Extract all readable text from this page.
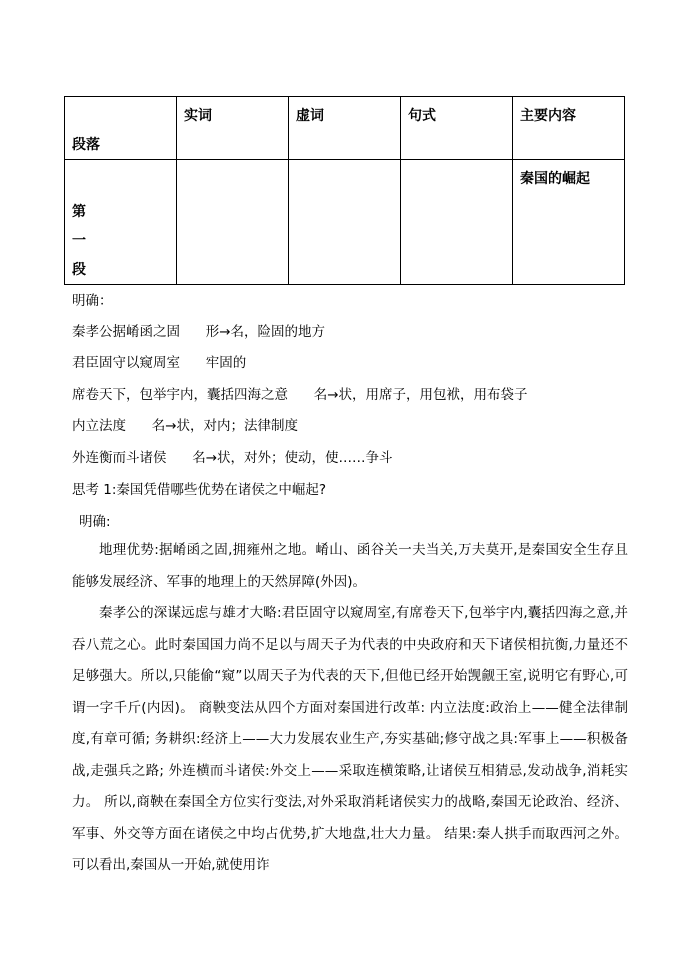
段落	实词	虚词	句式	主要内容

第
一
段				秦国的崛起
明确：
秦孝公据崤函之固      形→名，险固的地方
君臣固守以窥周室      牢固的
席卷天下，包举宇内，囊括四海之意      名→状，用席子，用包袱，用布袋子
内立法度      名→状，对内；法律制度
外连衡而斗诸侯      名→状，对外；使动，使……争斗
思考 1:秦国凭借哪些优势在诸侯之中崛起?
明确:
地理优势:据崤函之固,拥雍州之地。崤山、函谷关一夫当关,万夫莫开,是秦国安全生存且能够发展经济、军事的地理上的天然屏障(外因)。
秦孝公的深谋远虑与雄才大略:君臣固守以窥周室,有席卷天下,包举宇内,囊括四海之意,并吞八荒之心。此时秦国国力尚不足以与周天子为代表的中央政府和天下诸侯相抗衡,力量还不足够强大。所以,只能偷“窥”以周天子为代表的天下,但他已经开始觊觎王室,说明它有野心,可谓一字千斤(内因)。 商鞅变法从四个方面对秦国进行改革: 内立法度:政治上——健全法律制度,有章可循; 务耕织:经济上——大力发展农业生产,夯实基础;修守战之具:军事上——积极备战,走强兵之路; 外连横而斗诸侯:外交上——采取连横策略,让诸侯互相猜忌,发动战争,消耗实力。 所以,商鞅在秦国全方位实行变法,对外采取消耗诸侯实力的战略,秦国无论政治、经济、军事、外交等方面在诸侯之中均占优势,扩大地盘,壮大力量。 结果:秦人拱手而取西河之外。可以看出,秦国从一开始,就使用诈
